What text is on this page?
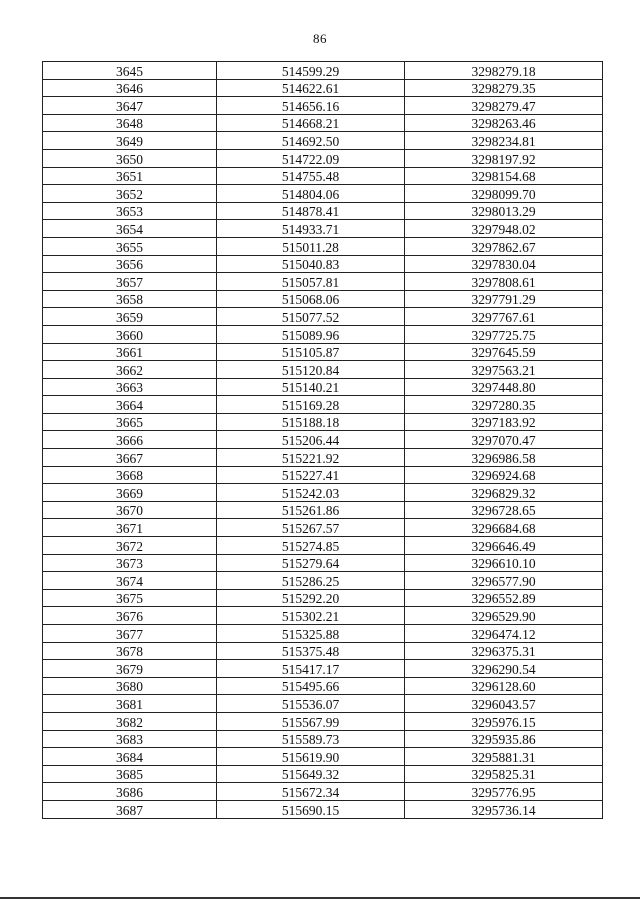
86
3645	514599.29	3298279.18
3646	514622.61	3298279.35
3647	514656.16	3298279.47
3648	514668.21	3298263.46
3649	514692.50	3298234.81
3650	514722.09	3298197.92
3651	514755.48	3298154.68
3652	514804.06	3298099.70
3653	514878.41	3298013.29
3654	514933.71	3297948.02
3655	515011.28	3297862.67
3656	515040.83	3297830.04
3657	515057.81	3297808.61
3658	515068.06	3297791.29
3659	515077.52	3297767.61
3660	515089.96	3297725.75
3661	515105.87	3297645.59
3662	515120.84	3297563.21
3663	515140.21	3297448.80
3664	515169.28	3297280.35
3665	515188.18	3297183.92
3666	515206.44	3297070.47
3667	515221.92	3296986.58
3668	515227.41	3296924.68
3669	515242.03	3296829.32
3670	515261.86	3296728.65
3671	515267.57	3296684.68
3672	515274.85	3296646.49
3673	515279.64	3296610.10
3674	515286.25	3296577.90
3675	515292.20	3296552.89
3676	515302.21	3296529.90
3677	515325.88	3296474.12
3678	515375.48	3296375.31
3679	515417.17	3296290.54
3680	515495.66	3296128.60
3681	515536.07	3296043.57
3682	515567.99	3295976.15
3683	515589.73	3295935.86
3684	515619.90	3295881.31
3685	515649.32	3295825.31
3686	515672.34	3295776.95
3687	515690.15	3295736.14
